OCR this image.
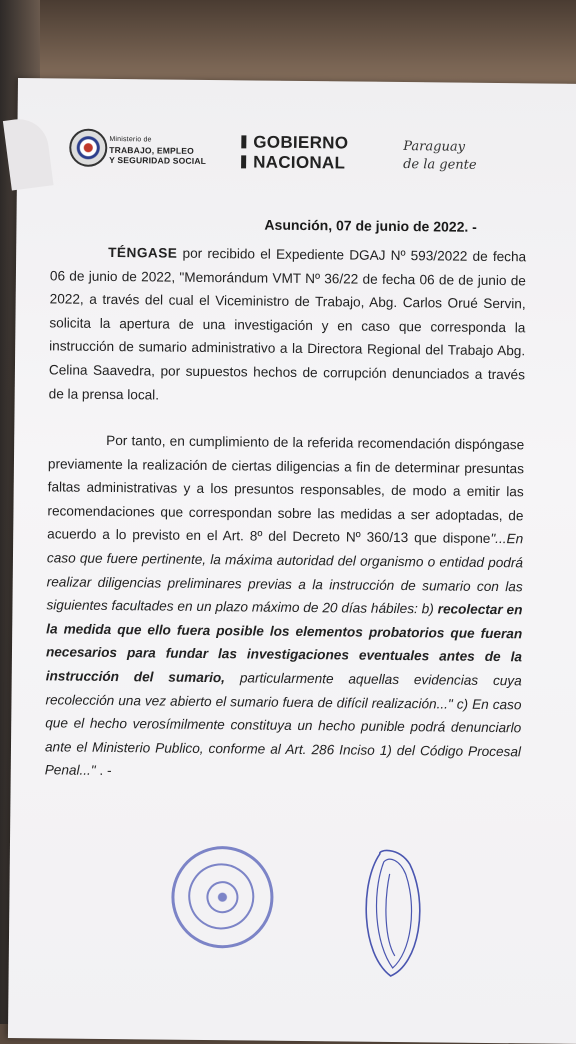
Ministerio de
TRABAJO, EMPLEO
Y SEGURIDAD SOCIAL
GOBIERNO
NACIONAL
Paraguay
de la gente
Asunción, 07 de junio de 2022. -
TÉNGASE por recibido el Expediente DGAJ Nº 593/2022 de fecha 06 de junio de 2022, "Memorándum VMT Nº 36/22 de fecha 06 de de junio de 2022, a través del cual el Viceministro de Trabajo, Abg. Carlos Orué Servin, solicita la apertura de una investigación y en caso que corresponda la instrucción de sumario administrativo a la Directora Regional del Trabajo Abg. Celina Saavedra, por supuestos hechos de corrupción denunciados a través de la prensa local.
Por tanto, en cumplimiento de la referida recomendación dispóngase previamente la realización de ciertas diligencias a fin de determinar presuntas faltas administrativas y a los presuntos responsables, de modo a emitir las recomendaciones que correspondan sobre las medidas a ser adoptadas, de acuerdo a lo previsto en el Art. 8º del Decreto Nº 360/13 que dispone"...En caso que fuere pertinente, la máxima autoridad del organismo o entidad podrá realizar diligencias preliminares previas a la instrucción de sumario con las siguientes facultades en un plazo máximo de 20 días hábiles: b) recolectar en la medida que ello fuera posible los elementos probatorios que fueran necesarios para fundar las investigaciones eventuales antes de la instrucción del sumario, particularmente aquellas evidencias cuya recolección una vez abierto el sumario fuera de difícil realización..." c) En caso que el hecho verosímilmente constituya un hecho punible podrá denunciarlo ante el Ministerio Publico, conforme al Art. 286 Inciso 1) del Código Procesal Penal..." . -
